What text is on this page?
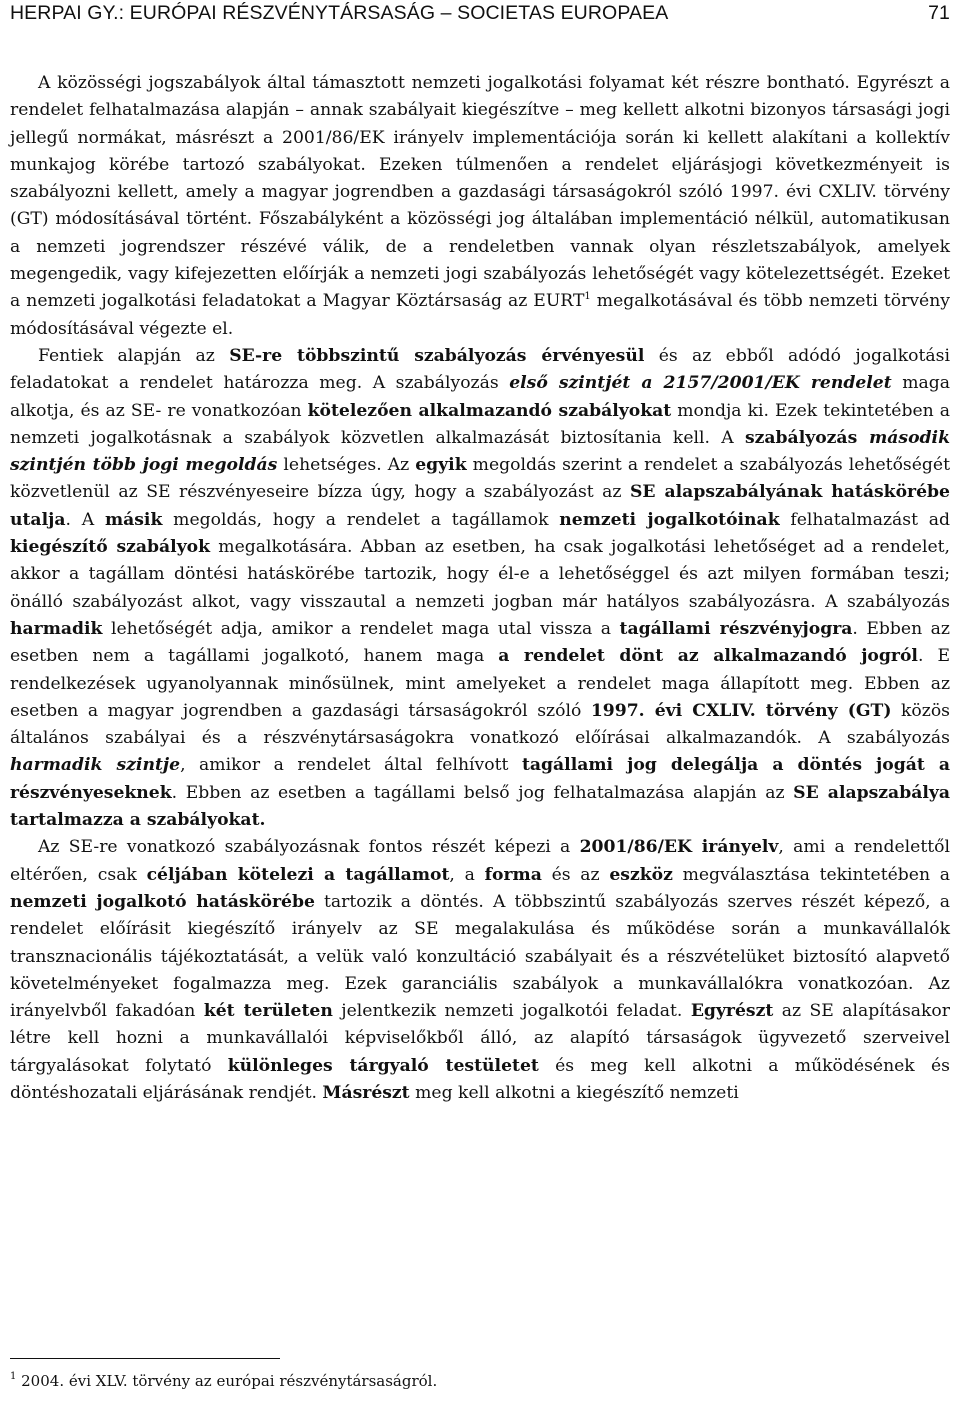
HERPAI GY.: EURÓPAI RÉSZVÉNYTÁRSASÁG – SOCIETAS EUROPAEA	71

A közösségi jogszabályok által támasztott nemzeti jogalkotási folyamat két részre bontható. Egyrészt a rendelet felhatalmazása alapján – annak szabályait kiegészítve – meg kellett alkotni bizonyos társasági jogi jellegű normákat, másrészt a 2001/86/EK irányelv implementációja során ki kellett alakítani a kollektív munkajog körébe tartozó szabályokat. Ezeken túlmenően a rendelet eljárásjogi következményeit is szabályozni kellett, amely a magyar jogrendben a gazdasági társaságokról szóló 1997. évi CXLIV. törvény (GT) módosításával történt. Főszabályként a közösségi jog általában implementáció nélkül, automatikusan a nemzeti jogrendszer részévé válik, de a rendeletben vannak olyan részletszabályok, amelyek megengedik, vagy kifejezetten előírják a nemzeti jogi szabályozás lehetőségét vagy kötelezettségét. Ezeket a nemzeti jogalkotási feladatokat a Magyar Köztársaság az EURT$^1$ megalkotásával és több nemzeti törvény módosításával végezte el.

Fentiek alapján az SE-re többszintű szabályozás érvényesül és az ebből adódó jogalkotási feladatokat a rendelet határozza meg. A szabályozás első szintjét a 2157/2001/EK rendelet maga alkotja, és az SE- re vonatkozóan kötelezően alkalmazandó szabályokat mondja ki. Ezek tekintetében a nemzeti jogalkotásnak a szabályok közvetlen alkalmazását biztosítania kell. A szabályozás második szintjén több jogi megoldás lehetséges. Az egyik megoldás szerint a rendelet a szabályozás lehetőségét közvetlenül az SE részvényeseire bízza úgy, hogy a szabályozást az SE alapszabályának hatáskörébe utalja. A másik megoldás, hogy a rendelet a tagállamok nemzeti jogalkotóinak felhatalmazást ad kiegészítő szabályok megalkotására. Abban az esetben, ha csak jogalkotási lehetőséget ad a rendelet, akkor a tagállam döntési hatáskörébe tartozik, hogy él-e a lehetőséggel és azt milyen formában teszi; önálló szabályozást alkot, vagy visszautal a nemzeti jogban már hatályos szabályozásra. A szabályozás harmadik lehetőségét adja, amikor a rendelet maga utal vissza a tagállami részvényjogra. Ebben az esetben nem a tagállami jogalkotó, hanem maga a rendelet dönt az alkalmazandó jogról. E rendelkezések ugyanolyannak minősülnek, mint amelyeket a rendelet maga állapított meg. Ebben az esetben a magyar jogrendben a gazdasági társaságokról szóló 1997. évi CXLIV. törvény (GT) közös általános szabályai és a részvénytársaságokra vonatkozó előírásai alkalmazandók. A szabályozás harmadik szintje, amikor a rendelet által felhívott tagállami jog delegálja a döntés jogát a részvényeseknek. Ebben az esetben a tagállami belső jog felhatalmazása alapján az SE alapszabálya tartalmazza a szabályokat.

Az SE-re vonatkozó szabályozásnak fontos részét képezi a 2001/86/EK irányelv, ami a rendelettől eltérően, csak céljában kötelezi a tagállamot, a forma és az eszköz megválasztása tekintetében a nemzeti jogalkotó hatáskörébe tartozik a döntés. A többszintű szabályozás szerves részét képező, a rendelet előírásit kiegészítő irányelv az SE megalakulása és működése során a munkavállalók transznacionális tájékoztatását, a velük való konzultáció szabályait és a részvételüket biztosító alapvető követelményeket fogalmazza meg. Ezek garanciális szabályok a munkavállalókra vonatkozóan. Az irányelvből fakadóan két területen jelentkezik nemzeti jogalkotói feladat. Egyrészt az SE alapításakor létre kell hozni a munkavállalói képviselőkből álló, az alapító társaságok ügyvezető szerveivel tárgyalásokat folytató különleges tárgyaló testületet és meg kell alkotni a működésének és döntéshozatali eljárásának rendjét. Másrészt meg kell alkotni a kiegészítő nemzeti

$^1$ 2004. évi XLV. törvény az európai részvénytársaságról.
